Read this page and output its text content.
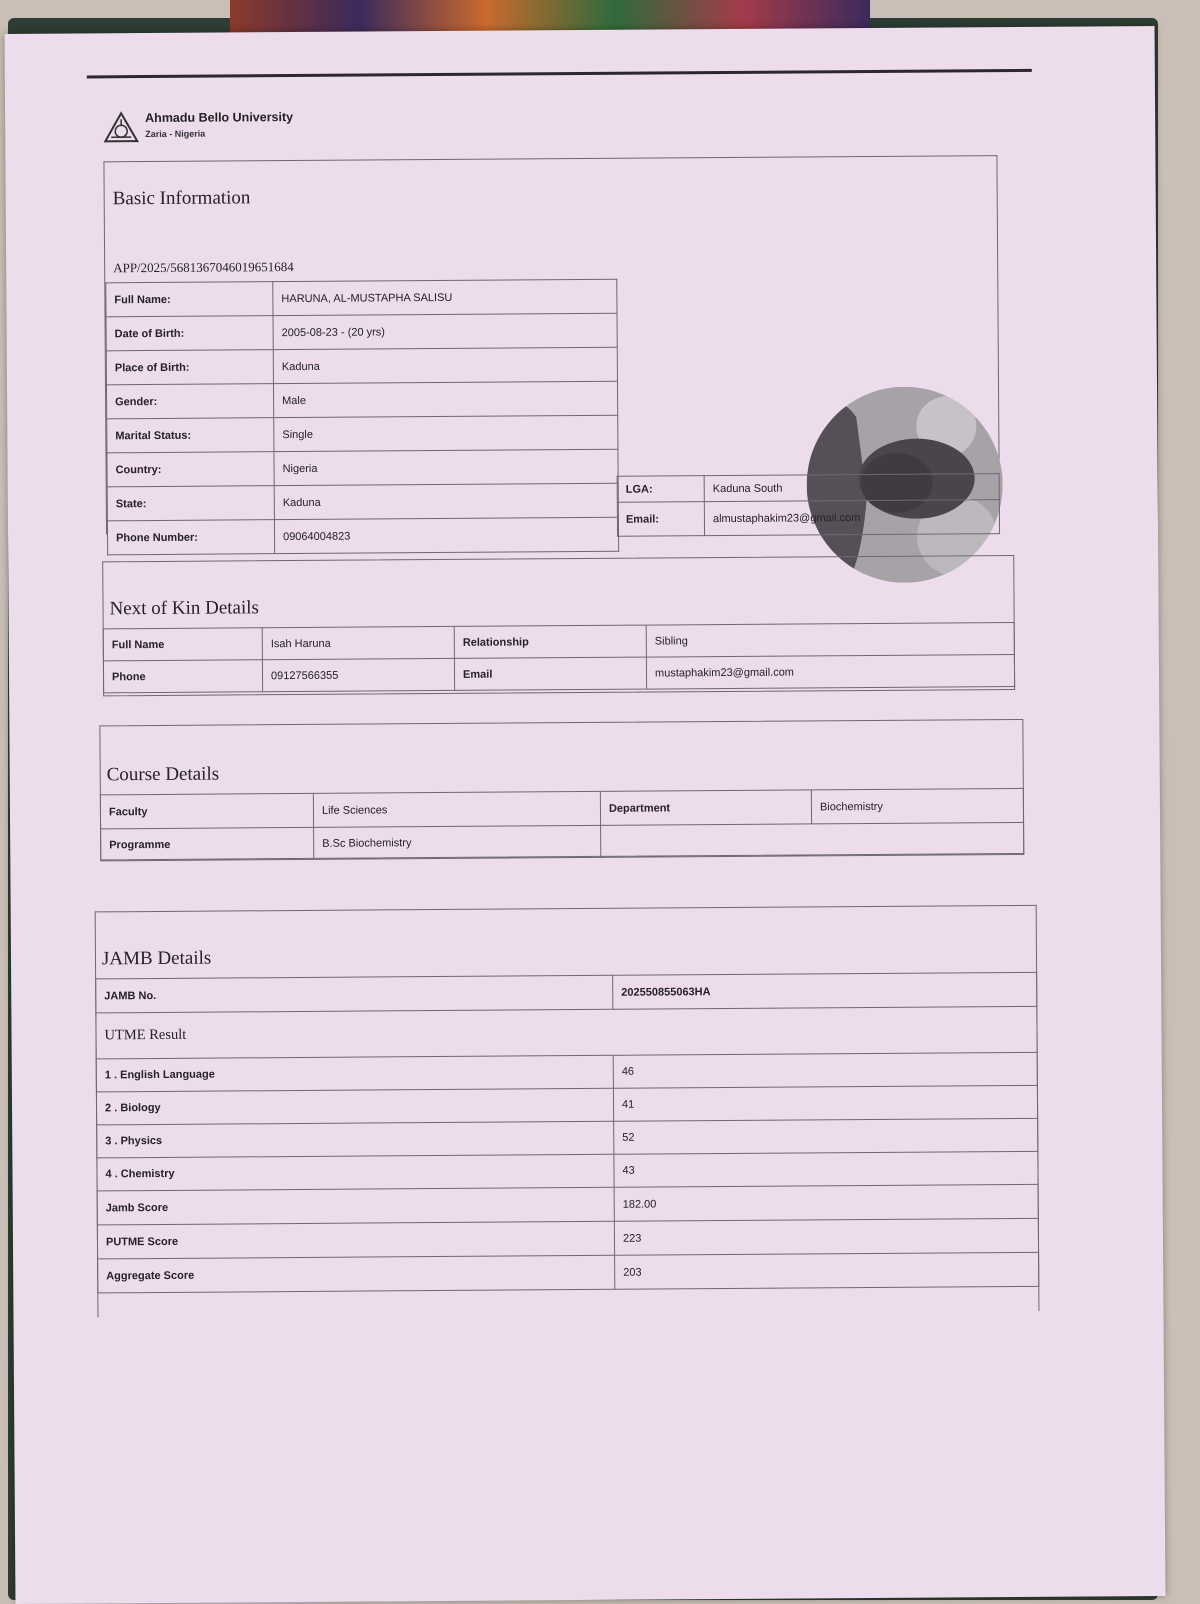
Ahmadu Bello University
Zaria - Nigeria
Basic Information
APP/2025/5681367046019651684
Full Name:	HARUNA, AL-MUSTAPHA SALISU
Date of Birth:	2005-08-23 - (20 yrs)
Place of Birth:	Kaduna
Gender:	Male
Marital Status:	Single
Country:	Nigeria
State:	Kaduna
Phone Number:	09064004823
LGA:	Kaduna South
Email:	almustaphakim23@gmail.com
Next of Kin Details
Full Name	Isah Haruna	Relationship	Sibling
Phone	09127566355	Email	mustaphakim23@gmail.com
Course Details
Faculty	Life Sciences	Department	Biochemistry
Programme	B.Sc Biochemistry		
JAMB Details
JAMB No.	202550855063HA
UTME Result	
1 . English Language	46
2 . Biology	41
3 . Physics	52
4 . Chemistry	43
Jamb Score	182.00
PUTME Score	223
Aggregate Score	203
